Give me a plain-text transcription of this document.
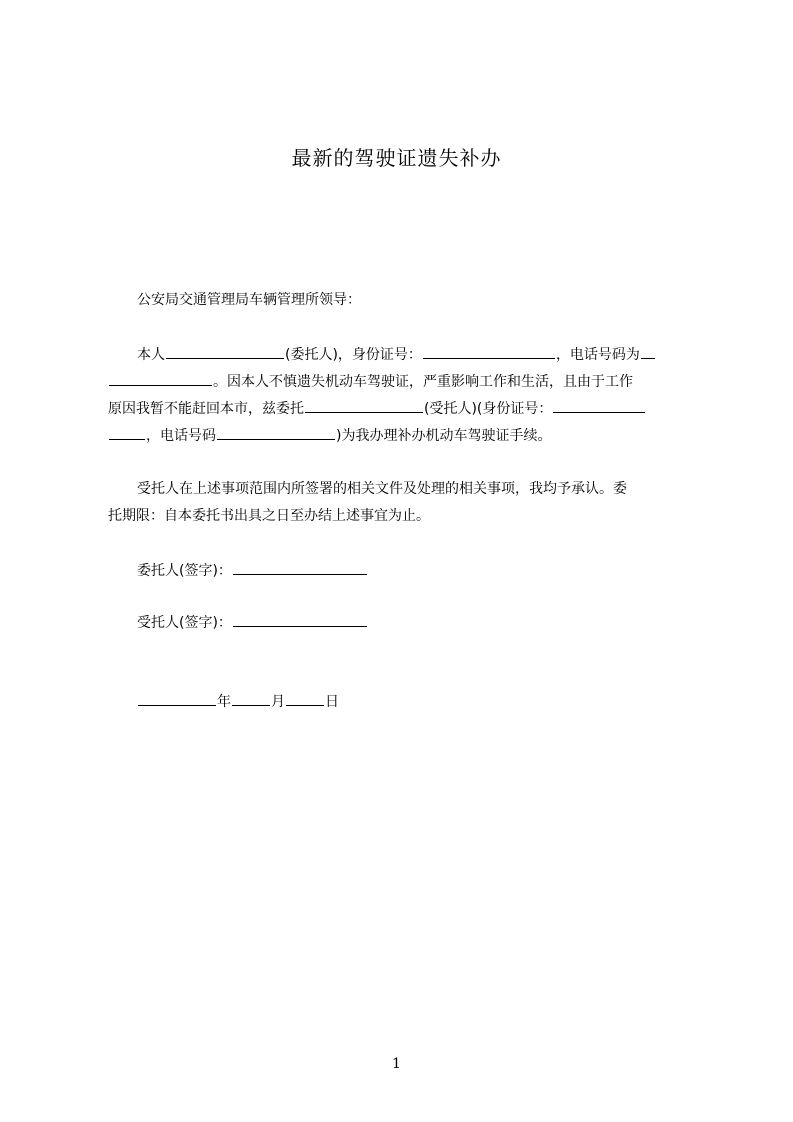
最新的驾驶证遗失补办
公安局交通管理局车辆管理所领导：
本人	(委托人)，身份证号：	，电话号码为
。因本人不慎遗失机动车驾驶证，严重影响工作和生活，且由于工作
原因我暂不能赶回本市，兹委托	(受托人)(身份证号：
，电话号码	)为我办理补办机动车驾驶证手续。
受托人在上述事项范围内所签署的相关文件及处理的相关事项，我均予承认。委
托期限：自本委托书出具之日至办结上述事宜为止。
委托人(签字)：
受托人(签字)：
年	月	日
1
